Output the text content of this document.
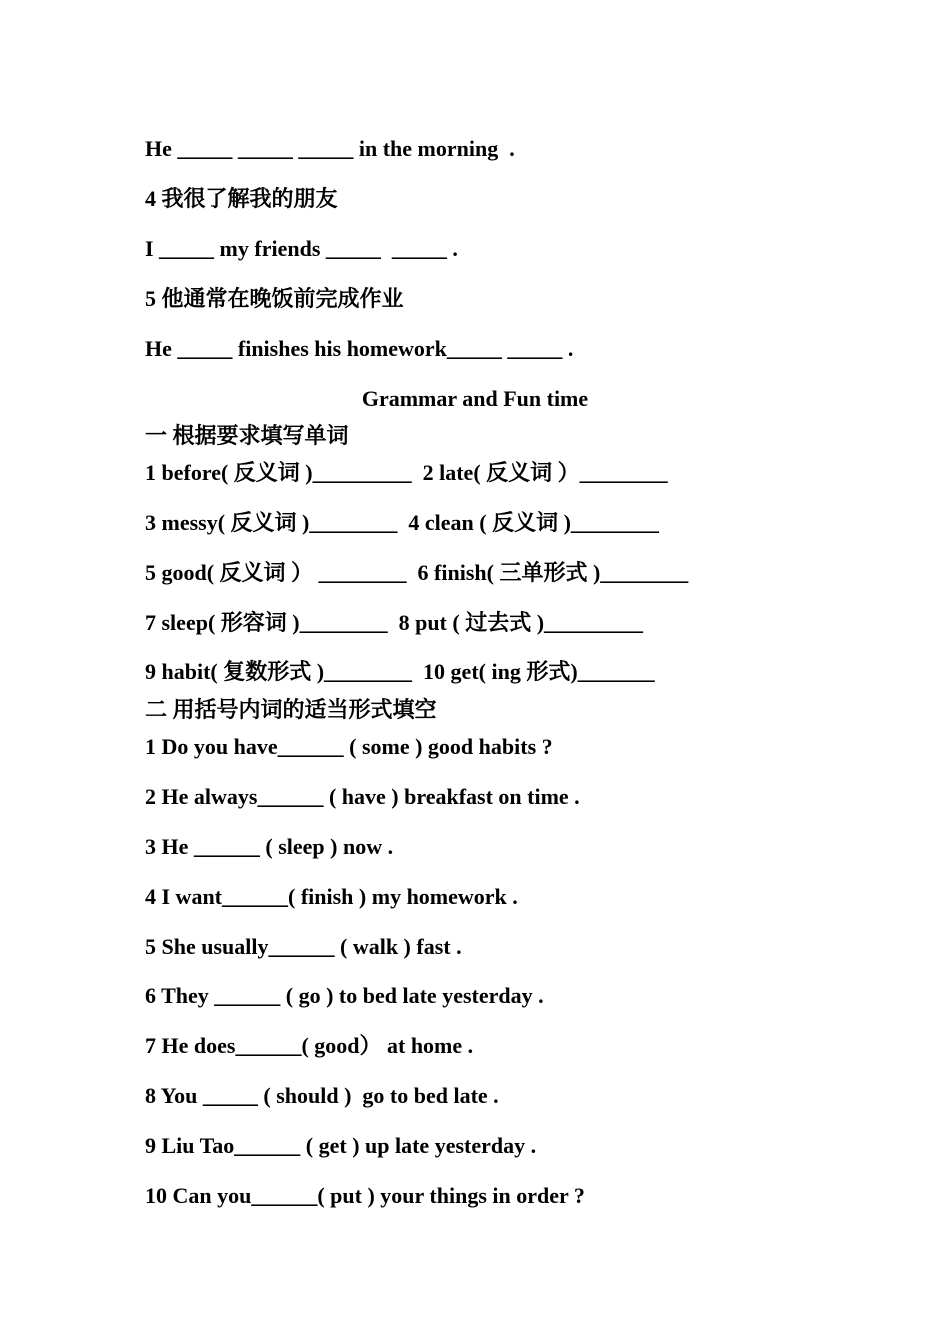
He _____ _____ _____ in the morning  .
4 我很了解我的朋友
I _____ my friends _____  _____ .
5 他通常在晚饭前完成作业
He _____ finishes his homework_____ _____ .
Grammar and Fun time
一 根据要求填写单词
1 before( 反义词 )_________  2 late( 反义词 ）________
3 messy( 反义词 )________  4 clean ( 反义词 )________
5 good( 反义词 ） ________  6 finish( 三单形式 )________
7 sleep( 形容词 )________  8 put ( 过去式 )_________
9 habit( 复数形式 )________  10 get( ing 形式)_______
二 用括号内词的适当形式填空
1 Do you have______ ( some ) good habits ?
2 He always______ ( have ) breakfast on time .
3 He ______ ( sleep ) now .
4 I want______( finish ) my homework .
5 She usually______ ( walk ) fast .
6 They ______ ( go ) to bed late yesterday .
7 He does______( good） at home .
8 You _____ ( should )  go to bed late .
9 Liu Tao______ ( get ) up late yesterday .
10 Can you______( put ) your things in order ?
